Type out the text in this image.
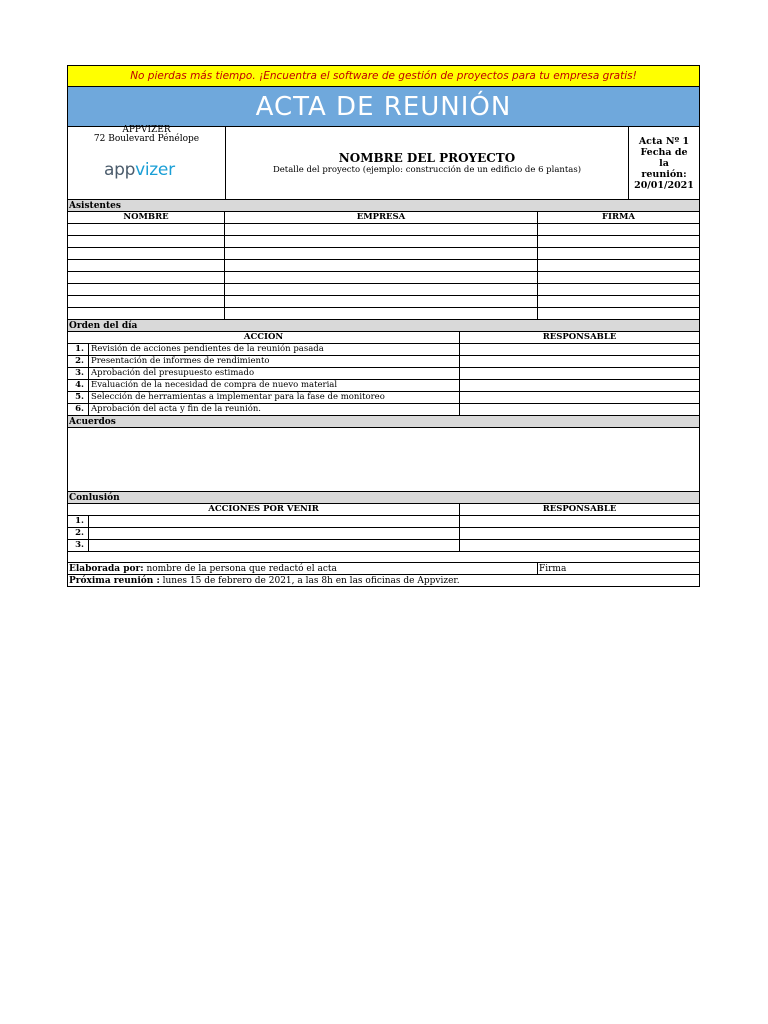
No pierdas más tiempo. ¡Encuentra el software de gestión de proyectos para tu empresa gratis!
ACTA DE REUNIÓN
APPVIZER
72 Boulevard Pénélope
appvizer
NOMBRE DEL PROYECTO
Detalle del proyecto (ejemplo: construcción de un edificio de 6 plantas)
Acta Nº 1
Fecha de la reunión:
20/01/2021
Asistentes
NOMBRE	EMPRESA	FIRMA
Orden del día
ACCIÓN	RESPONSABLE
1. Revisión de acciones pendientes de la reunión pasada
2. Presentación de informes de rendimiento
3. Aprobación del presupuesto estimado
4. Evaluación de la necesidad de compra de nuevo material
5. Selección de herramientas a implementar para la fase de monitoreo
6. Aprobación del acta y fin de la reunión.
Acuerdos
Conlusión
ACCIONES POR VENIR	RESPONSABLE
1.
2.
3.
Elaborada por: nombre de la persona que redactó el acta	Firma
Próxima reunión : lunes 15 de febrero de 2021, a las 8h en las oficinas de Appvizer.
